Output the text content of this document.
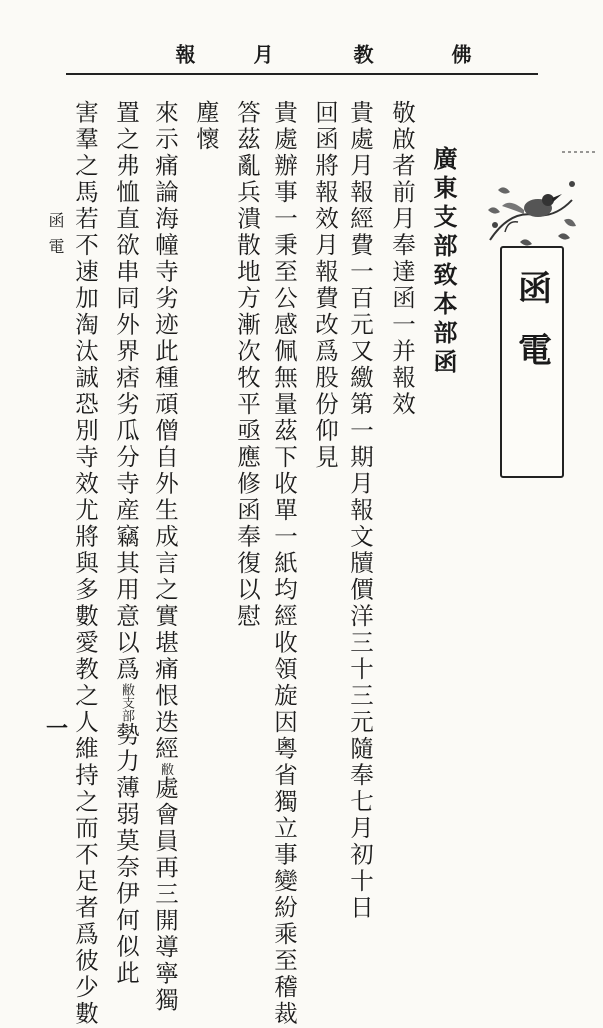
佛
教
月
報
函電
廣東支部致本部函
敬啟者前月奉達函一并報效
貴處月報經費一百元又繳第一期月報文牘價洋三十三元隨奉七月初十日
回函將報效月報費改爲股份仰見
貴處辦事一秉至公感佩無量茲下收單一紙均經收領旋因粵省獨立事變紛乘至稽裁
答茲亂兵潰散地方漸次牧平亟應修函奉復以慰
塵懷
來示痛論海幢寺劣迹此種頑僧自外生成言之實堪痛恨迭經敝處會員再三開導寧獨
置之弗恤直欲串同外界痞劣瓜分寺産竊其用意以爲敝支部勢力薄弱莫奈伊何似此
害羣之馬若不速加淘汰誠恐別寺效尤將與多數愛教之人維持之而不足者爲彼少數
函電
一
